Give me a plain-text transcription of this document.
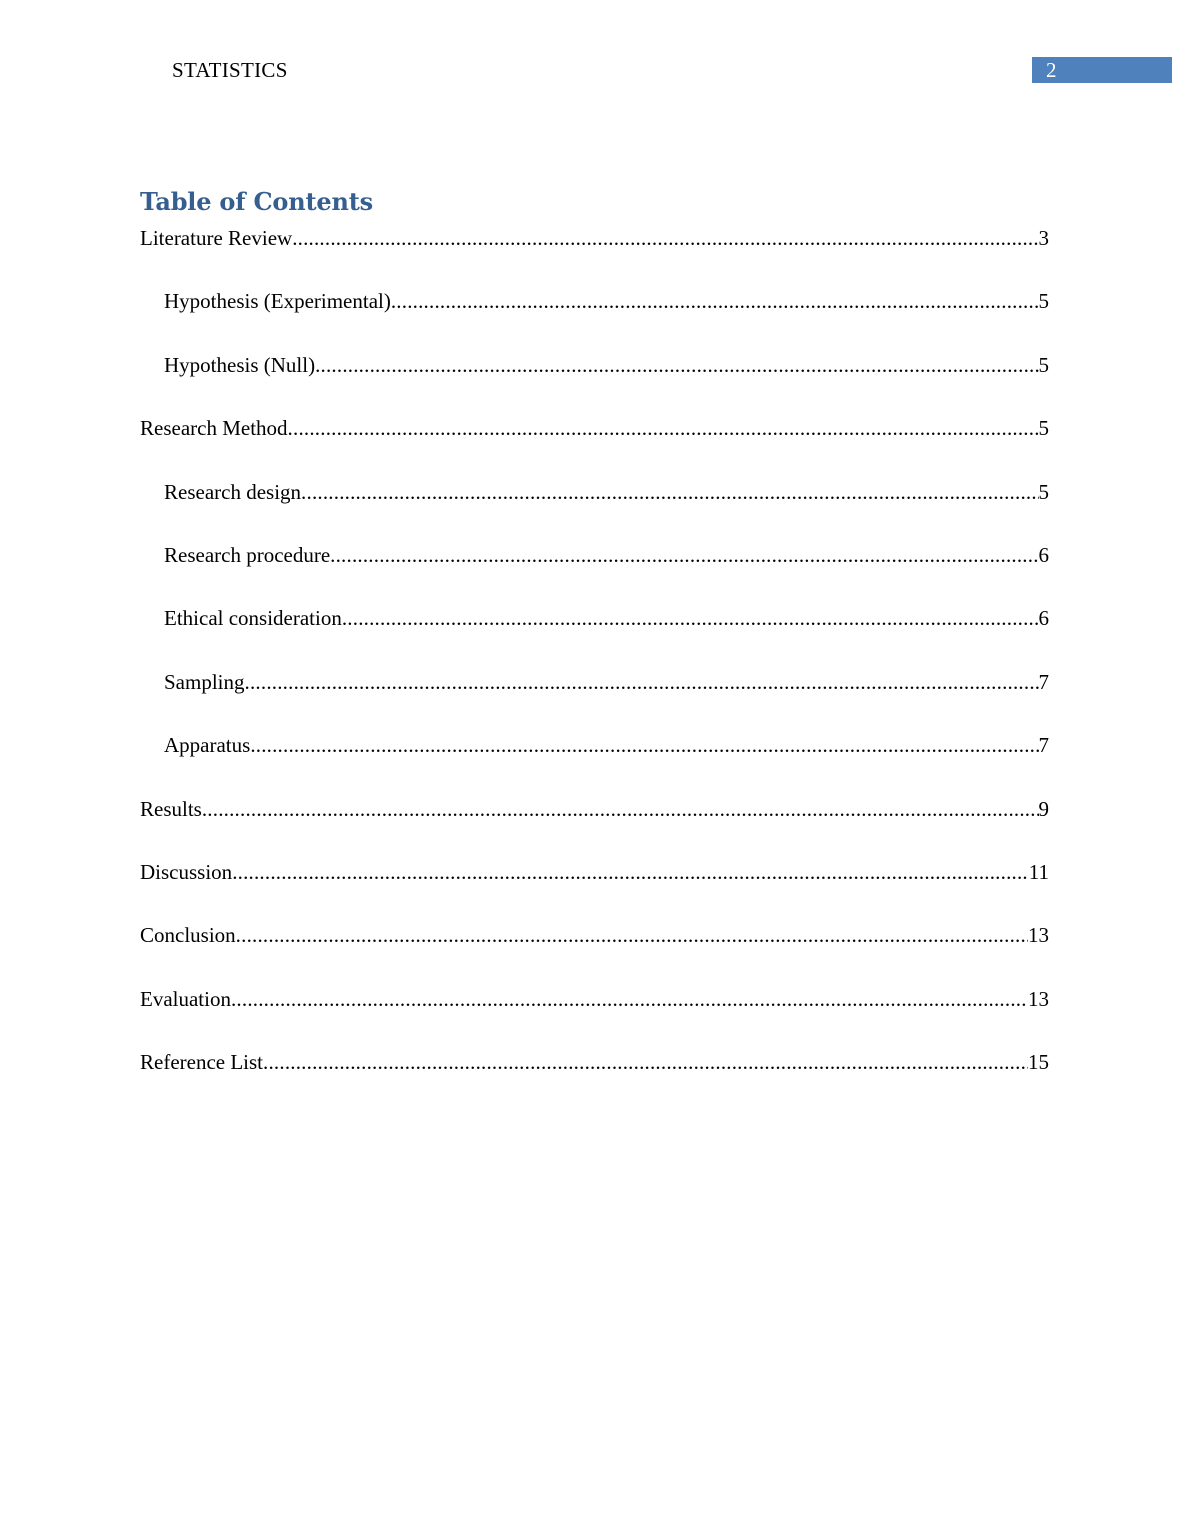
STATISTICS	2
Table of Contents
Literature Review .....	3
Hypothesis (Experimental) .....	5
Hypothesis (Null) .....	5
Research Method .....	5
Research design .....	5
Research procedure .....	6
Ethical consideration .....	6
Sampling .....	7
Apparatus .....	7
Results .....	9
Discussion .....	11
Conclusion .....	13
Evaluation .....	13
Reference List .....	15
